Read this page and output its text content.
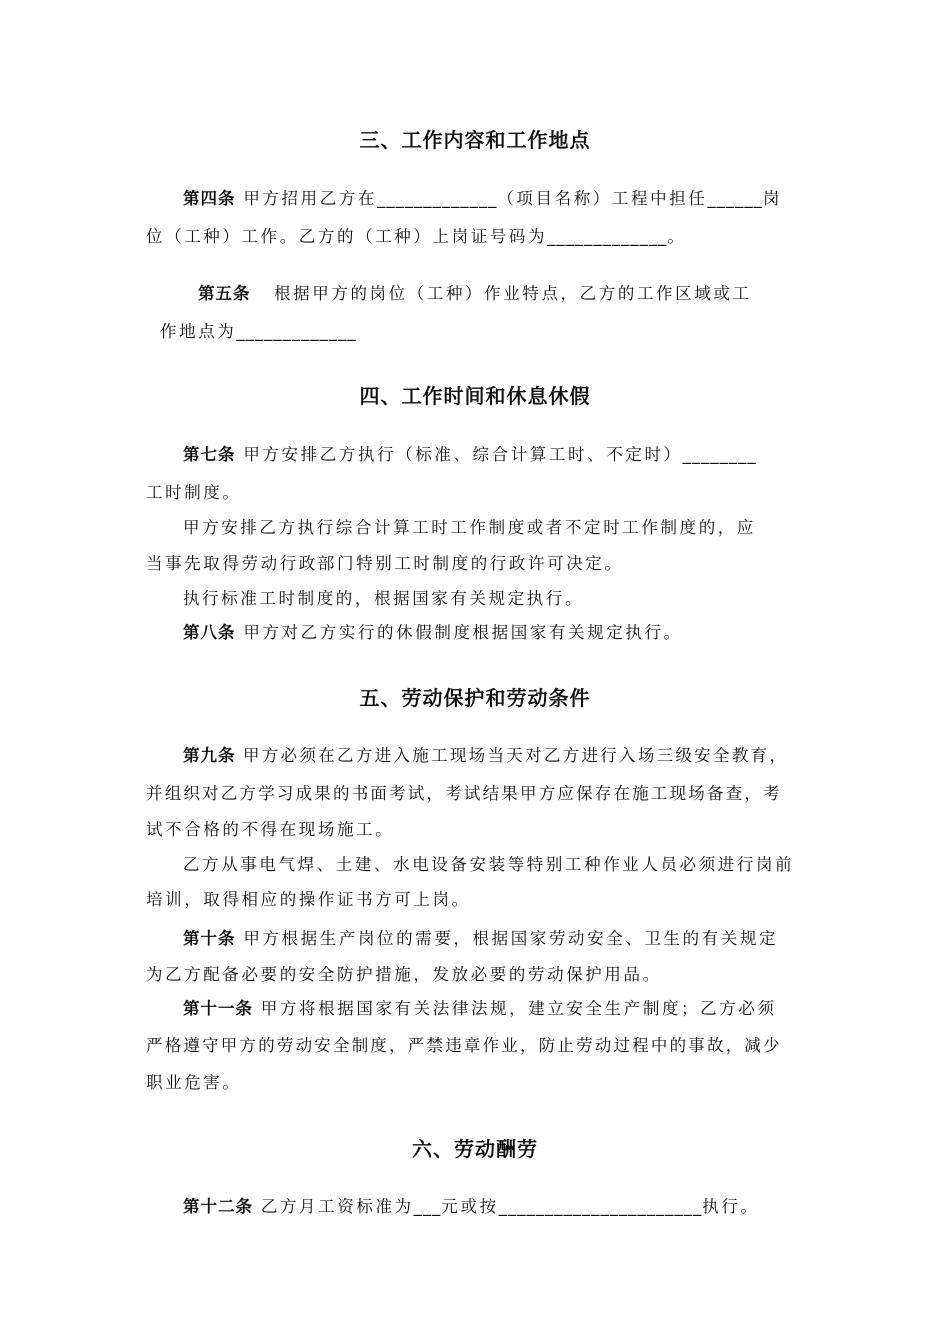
三、工作内容和工作地点
第四条 甲方招用乙方在_____________（项目名称）工程中担任______岗
位（工种）工作。乙方的（工种）上岗证号码为_____________。
第五条 根据甲方的岗位（工种）作业特点，乙方的工作区域或工
作地点为_____________
四、工作时间和休息休假
第七条 甲方安排乙方执行（标准、综合计算工时、不定时）________
工时制度。
甲方安排乙方执行综合计算工时工作制度或者不定时工作制度的，应
当事先取得劳动行政部门特别工时制度的行政许可决定。
执行标准工时制度的，根据国家有关规定执行。
第八条 甲方对乙方实行的休假制度根据国家有关规定执行。
五、劳动保护和劳动条件
第九条 甲方必须在乙方进入施工现场当天对乙方进行入场三级安全教育，
并组织对乙方学习成果的书面考试，考试结果甲方应保存在施工现场备查，考
试不合格的不得在现场施工。
乙方从事电气焊、土建、水电设备安装等特别工种作业人员必须进行岗前
培训，取得相应的操作证书方可上岗。
第十条 甲方根据生产岗位的需要，根据国家劳动安全、卫生的有关规定
为乙方配备必要的安全防护措施，发放必要的劳动保护用品。
第十一条 甲方将根据国家有关法律法规，建立安全生产制度；乙方必须
严格遵守甲方的劳动安全制度，严禁违章作业，防止劳动过程中的事故，减少
职业危害。
六、劳动酬劳
第十二条 乙方月工资标准为___元或按______________________执行。
